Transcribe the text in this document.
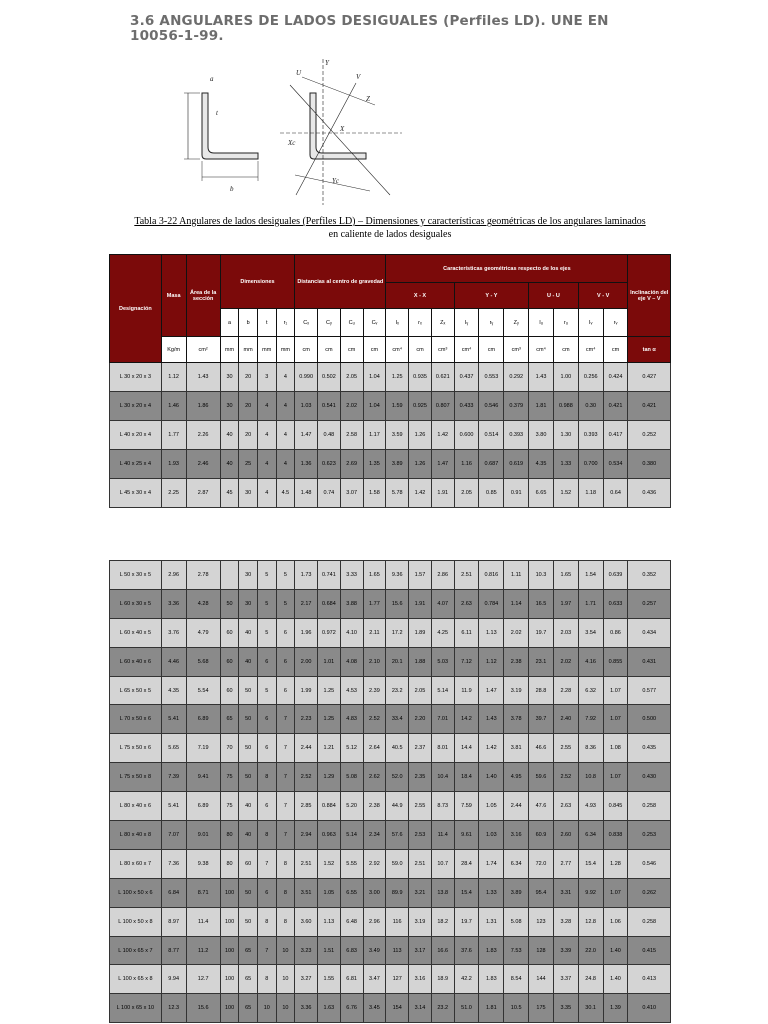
3.6 ANGULARES DE LADOS DESIGUALES (Perfiles LD). UNE EN 10056-1-99.
a
b
t
X
Y
U	V
Z
Xc
Yc
Tabla 3-22 Angulares de lados desiguales (Perfiles LD) – Dimensiones y características geométricas de los angulares laminados
en caliente de lados desiguales
Designación	Masa	Área de la sección	Dimensiones				Distancias al centro de gravedad				Características geométricas respecto de los ejes										Inclinación del eje V – V
											X - X			Y - Y			U - U		V - V		
			a	b	t	r₁	Cₓ	Cᵧ	Cᵤ	Cᵥ	Iₓ	rₓ	Zₓ	Iᵧ	rᵧ	Zᵧ	Iᵤ	rᵤ	Iᵥ	rᵥ	
	Kg/m	cm²	mm	mm	mm	mm	cm	cm	cm	cm	cm⁴	cm	cm³	cm⁴	cm	cm³	cm⁴	cm	cm⁴	cm	tan α
L 30 x 20 x 3	1.12	1.43	30	20	3	4	0.990	0.502	2.05	1.04	1.25	0.935	0.621	0.437	0.553	0.292	1.43	1.00	0.256	0.424	0.427
L 30 x 20 x 4	1.46	1.86	30	20	4	4	1.03	0.541	2.02	1.04	1.59	0.925	0.807	0.433	0.546	0.379	1.81	0.988	0.30	0.421	0.421
L 40 x 20 x 4	1.77	2.26	40	20	4	4	1.47	0.48	2.58	1.17	3.59	1.26	1.42	0.600	0.514	0.393	3.80	1.30	0.393	0.417	0.252
L 40 x 25 x 4	1.93	2.46	40	25	4	4	1.36	0.623	2.69	1.35	3.89	1.26	1.47	1.16	0.687	0.619	4.35	1.33	0.700	0.534	0.380
L 45 x 30 x 4	2.25	2.87	45	30	4	4.5	1.48	0.74	3.07	1.58	5.78	1.42	1.91	2.05	0.85	0.91	6.65	1.52	1.18	0.64	0.436
L 50 x 30 x 5	2.96	2.78		30	5	5	1.73	0.741	3.33	1.65	9.36	1.57	2.86	2.51	0.816	1.11	10.3	1.65	1.54	0.639	0.352
L 60 x 30 x 5	3.36	4.28	50	30	5	5	2.17	0.684	3.88	1.77	15.6	1.91	4.07	2.63	0.784	1.14	16.5	1.97	1.71	0.633	0.257
L 60 x 40 x 5	3.76	4.79	60	40	5	6	1.96	0.972	4.10	2.11	17.2	1.89	4.25	6.11	1.13	2.02	19.7	2.03	3.54	0.86	0.434
L 60 x 40 x 6	4.46	5.68	60	40	6	6	2.00	1.01	4.08	2.10	20.1	1.88	5.03	7.12	1.12	2.38	23.1	2.02	4.16	0.855	0.431
L 65 x 50 x 5	4.35	5.54	60	50	5	6	1.99	1.25	4.53	2.39	23.2	2.05	5.14	11.9	1.47	3.19	28.8	2.28	6.32	1.07	0.577
L 70 x 50 x 6	5.41	6.89	65	50	6	7	2.23	1.25	4.83	2.52	33.4	2.20	7.01	14.2	1.43	3.78	39.7	2.40	7.92	1.07	0.500
L 75 x 50 x 6	5.65	7.19	70	50	6	7	2.44	1.21	5.12	2.64	40.5	2.37	8.01	14.4	1.42	3.81	46.6	2.55	8.36	1.08	0.435
L 75 x 50 x 8	7.39	9.41	75	50	8	7	2.52	1.29	5.08	2.62	52.0	2.35	10.4	18.4	1.40	4.95	59.6	2.52	10.8	1.07	0.430
L 80 x 40 x 6	5.41	6.89	75	40	6	7	2.85	0.884	5.20	2.38	44.9	2.55	8.73	7.59	1.05	2.44	47.6	2.63	4.93	0.845	0.258
L 80 x 40 x 8	7.07	9.01	80	40	8	7	2.94	0.963	5.14	2.34	57.6	2.53	11.4	9.61	1.03	3.16	60.9	2.60	6.34	0.838	0.253
L 80 x 60 x 7	7.36	9.38	80	60	7	8	2.51	1.52	5.55	2.92	59.0	2.51	10.7	28.4	1.74	6.34	72.0	2.77	15.4	1.28	0.546
L 100 x 50 x 6	6.84	8.71	100	50	6	8	3.51	1.05	6.55	3.00	89.9	3.21	13.8	15.4	1.33	3.89	95.4	3.31	9.92	1.07	0.262
L 100 x 50 x 8	8.97	11.4	100	50	8	8	3.60	1.13	6.48	2.96	116	3.19	18.2	19.7	1.31	5.08	123	3.28	12.8	1.06	0.258
L 100 x 65 x 7	8.77	11.2	100	65	7	10	3.23	1.51	6.83	3.49	113	3.17	16.6	37.6	1.83	7.53	128	3.39	22.0	1.40	0.415
L 100 x 65 x 8	9.94	12.7	100	65	8	10	3.27	1.55	6.81	3.47	127	3.16	18.9	42.2	1.83	8.54	144	3.37	24.8	1.40	0.413
L 100 x 65 x 10	12.3	15.6	100	65	10	10	3.36	1.63	6.76	3.45	154	3.14	23.2	51.0	1.81	10.5	175	3.35	30.1	1.39	0.410
